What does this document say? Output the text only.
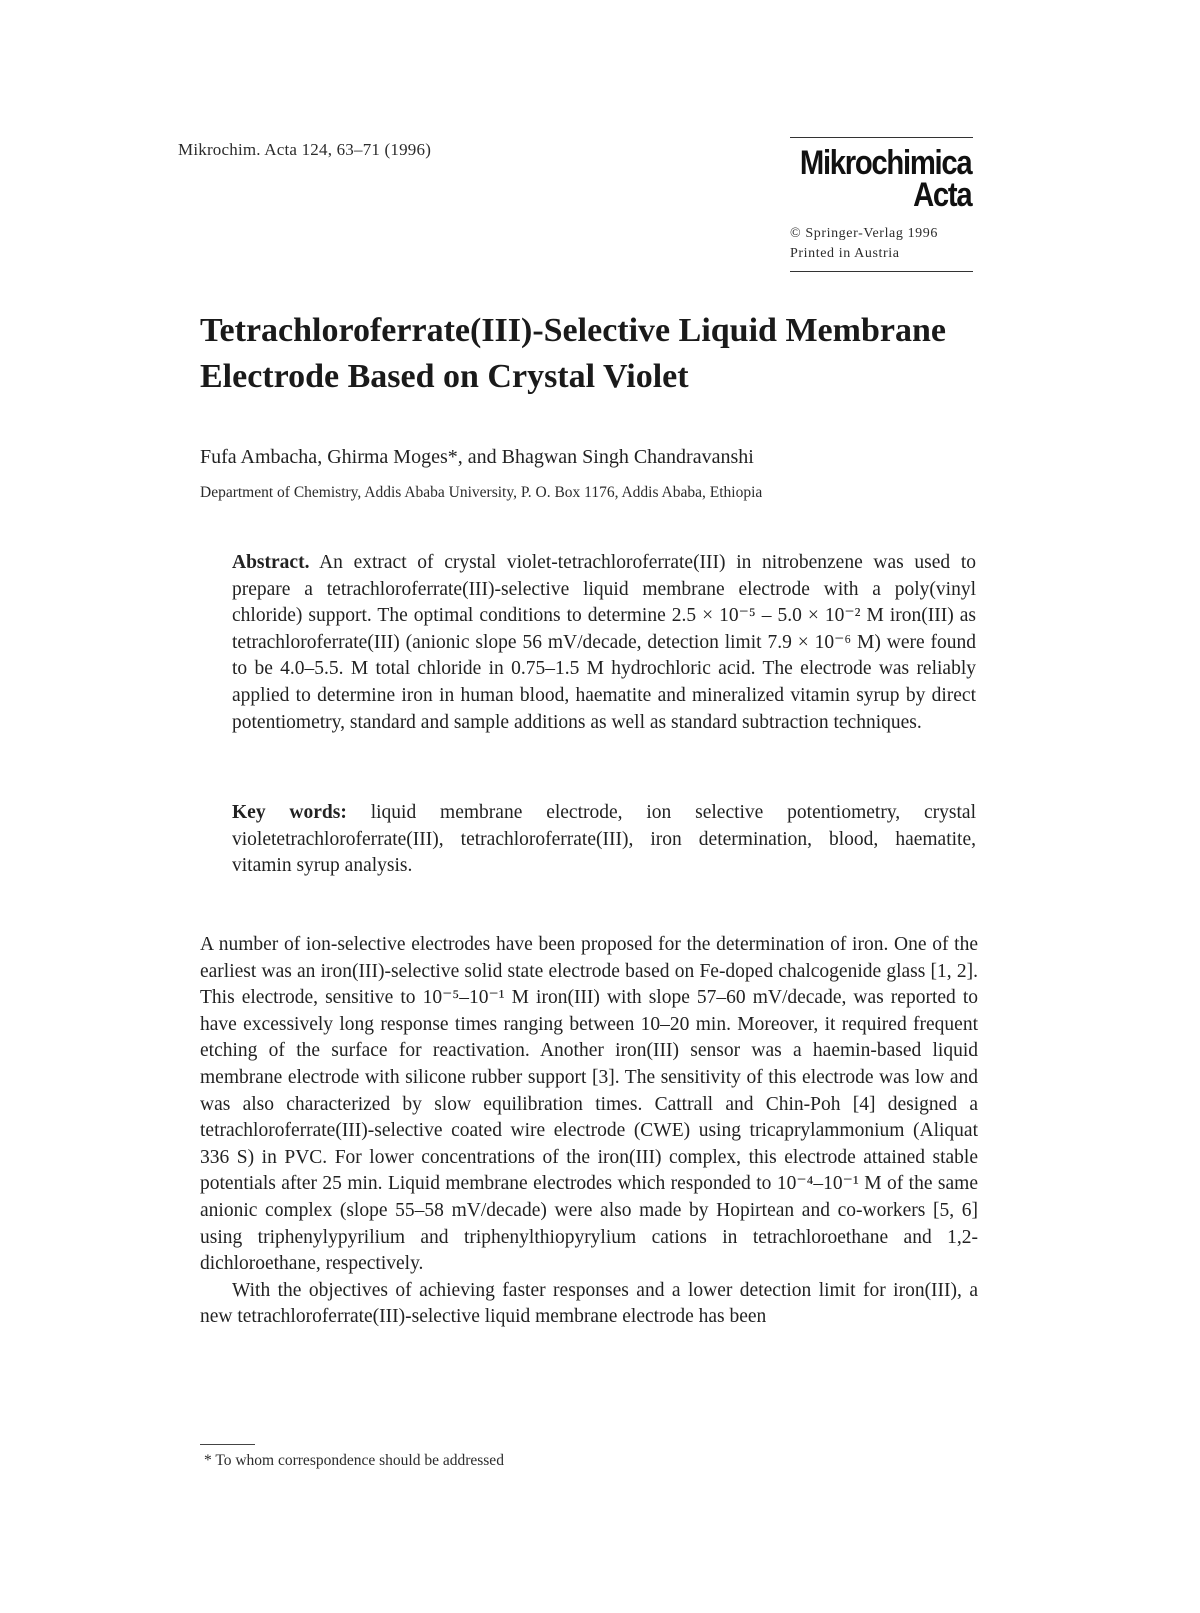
Mikrochim. Acta 124, 63–71 (1996)	Mikrochimica
Acta
© Springer-Verlag 1996
Printed in Austria
Tetrachloroferrate(III)-Selective Liquid Membrane Electrode Based on Crystal Violet
Fufa Ambacha, Ghirma Moges*, and Bhagwan Singh Chandravanshi
Department of Chemistry, Addis Ababa University, P. O. Box 1176, Addis Ababa, Ethiopia

Abstract. An extract of crystal violet-tetrachloroferrate(III) in nitrobenzene was used to prepare a tetrachloroferrate(III)-selective liquid membrane electrode with a poly(vinyl chloride) support. The optimal conditions to determine 2.5 × 10⁻⁵ – 5.0 × 10⁻² M iron(III) as tetrachloroferrate(III) (anionic slope 56 mV/decade, detection limit 7.9 × 10⁻⁶ M) were found to be 4.0–5.5. M total chloride in 0.75–1.5 M hydrochloric acid. The electrode was reliably applied to determine iron in human blood, haematite and mineralized vitamin syrup by direct potentiometry, standard and sample additions as well as standard subtraction techniques.

Key words: liquid membrane electrode, ion selective potentiometry, crystal violetetrachloroferrate(III), tetrachloroferrate(III), iron determination, blood, haematite, vitamin syrup analysis.

A number of ion-selective electrodes have been proposed for the determination of iron. One of the earliest was an iron(III)-selective solid state electrode based on Fe-doped chalcogenide glass [1, 2]. This electrode, sensitive to 10⁻⁵–10⁻¹ M iron(III) with slope 57–60 mV/decade, was reported to have excessively long response times ranging between 10–20 min. Moreover, it required frequent etching of the surface for reactivation. Another iron(III) sensor was a haemin-based liquid membrane electrode with silicone rubber support [3]. The sensitivity of this electrode was low and was also characterized by slow equilibration times. Cattrall and Chin-Poh [4] designed a tetrachloroferrate(III)-selective coated wire electrode (CWE) using tricaprylammonium (Aliquat 336 S) in PVC. For lower concentrations of the iron(III) complex, this electrode attained stable potentials after 25 min. Liquid membrane electrodes which responded to 10⁻⁴–10⁻¹ M of the same anionic complex (slope 55–58 mV/decade) were also made by Hopirtean and co-workers [5, 6] using triphenylypyrilium and triphenylthiopyrylium cations in tetrachloroethane and 1,2-dichloroethane, respectively.

With the objectives of achieving faster responses and a lower detection limit for iron(III), a new tetrachloroferrate(III)-selective liquid membrane electrode has been

* To whom correspondence should be addressed
